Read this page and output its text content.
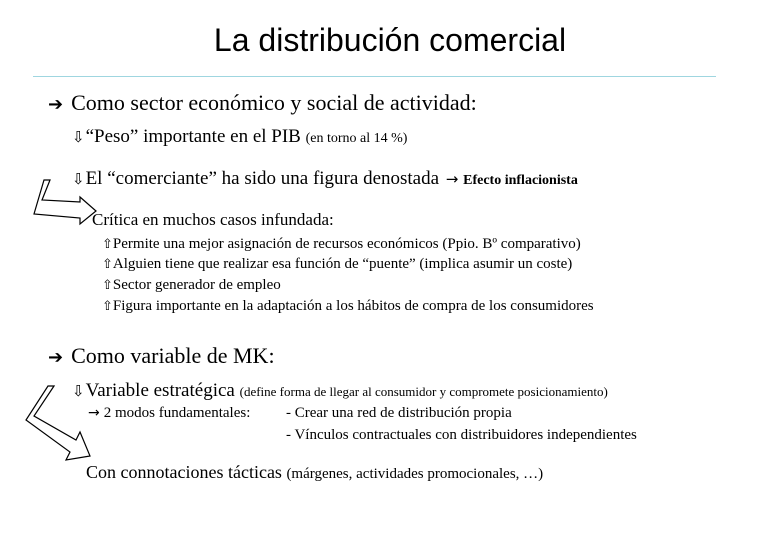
La distribución comercial
➔ Como sector económico y social de actividad:
⇩“Peso” importante en el PIB (en torno al 14 %)
⇩El “comerciante” ha sido una figura denostada → Efecto inflacionista
Crítica en muchos casos infundada:
⇧Permite una mejor asignación de recursos económicos (Ppio. Bº comparativo)
⇧Alguien tiene que realizar esa función de “puente” (implica asumir un coste)
⇧Sector generador de empleo
⇧Figura importante en la adaptación a los hábitos de compra de los consumidores
➔ Como variable de MK:
⇩Variable estratégica (define forma de llegar al consumidor y compromete posicionamiento)
→ 2 modos fundamentales: - Crear una red de distribución propia
- Vínculos contractuales con distribuidores independientes
Con connotaciones tácticas (márgenes, actividades promocionales, …)
